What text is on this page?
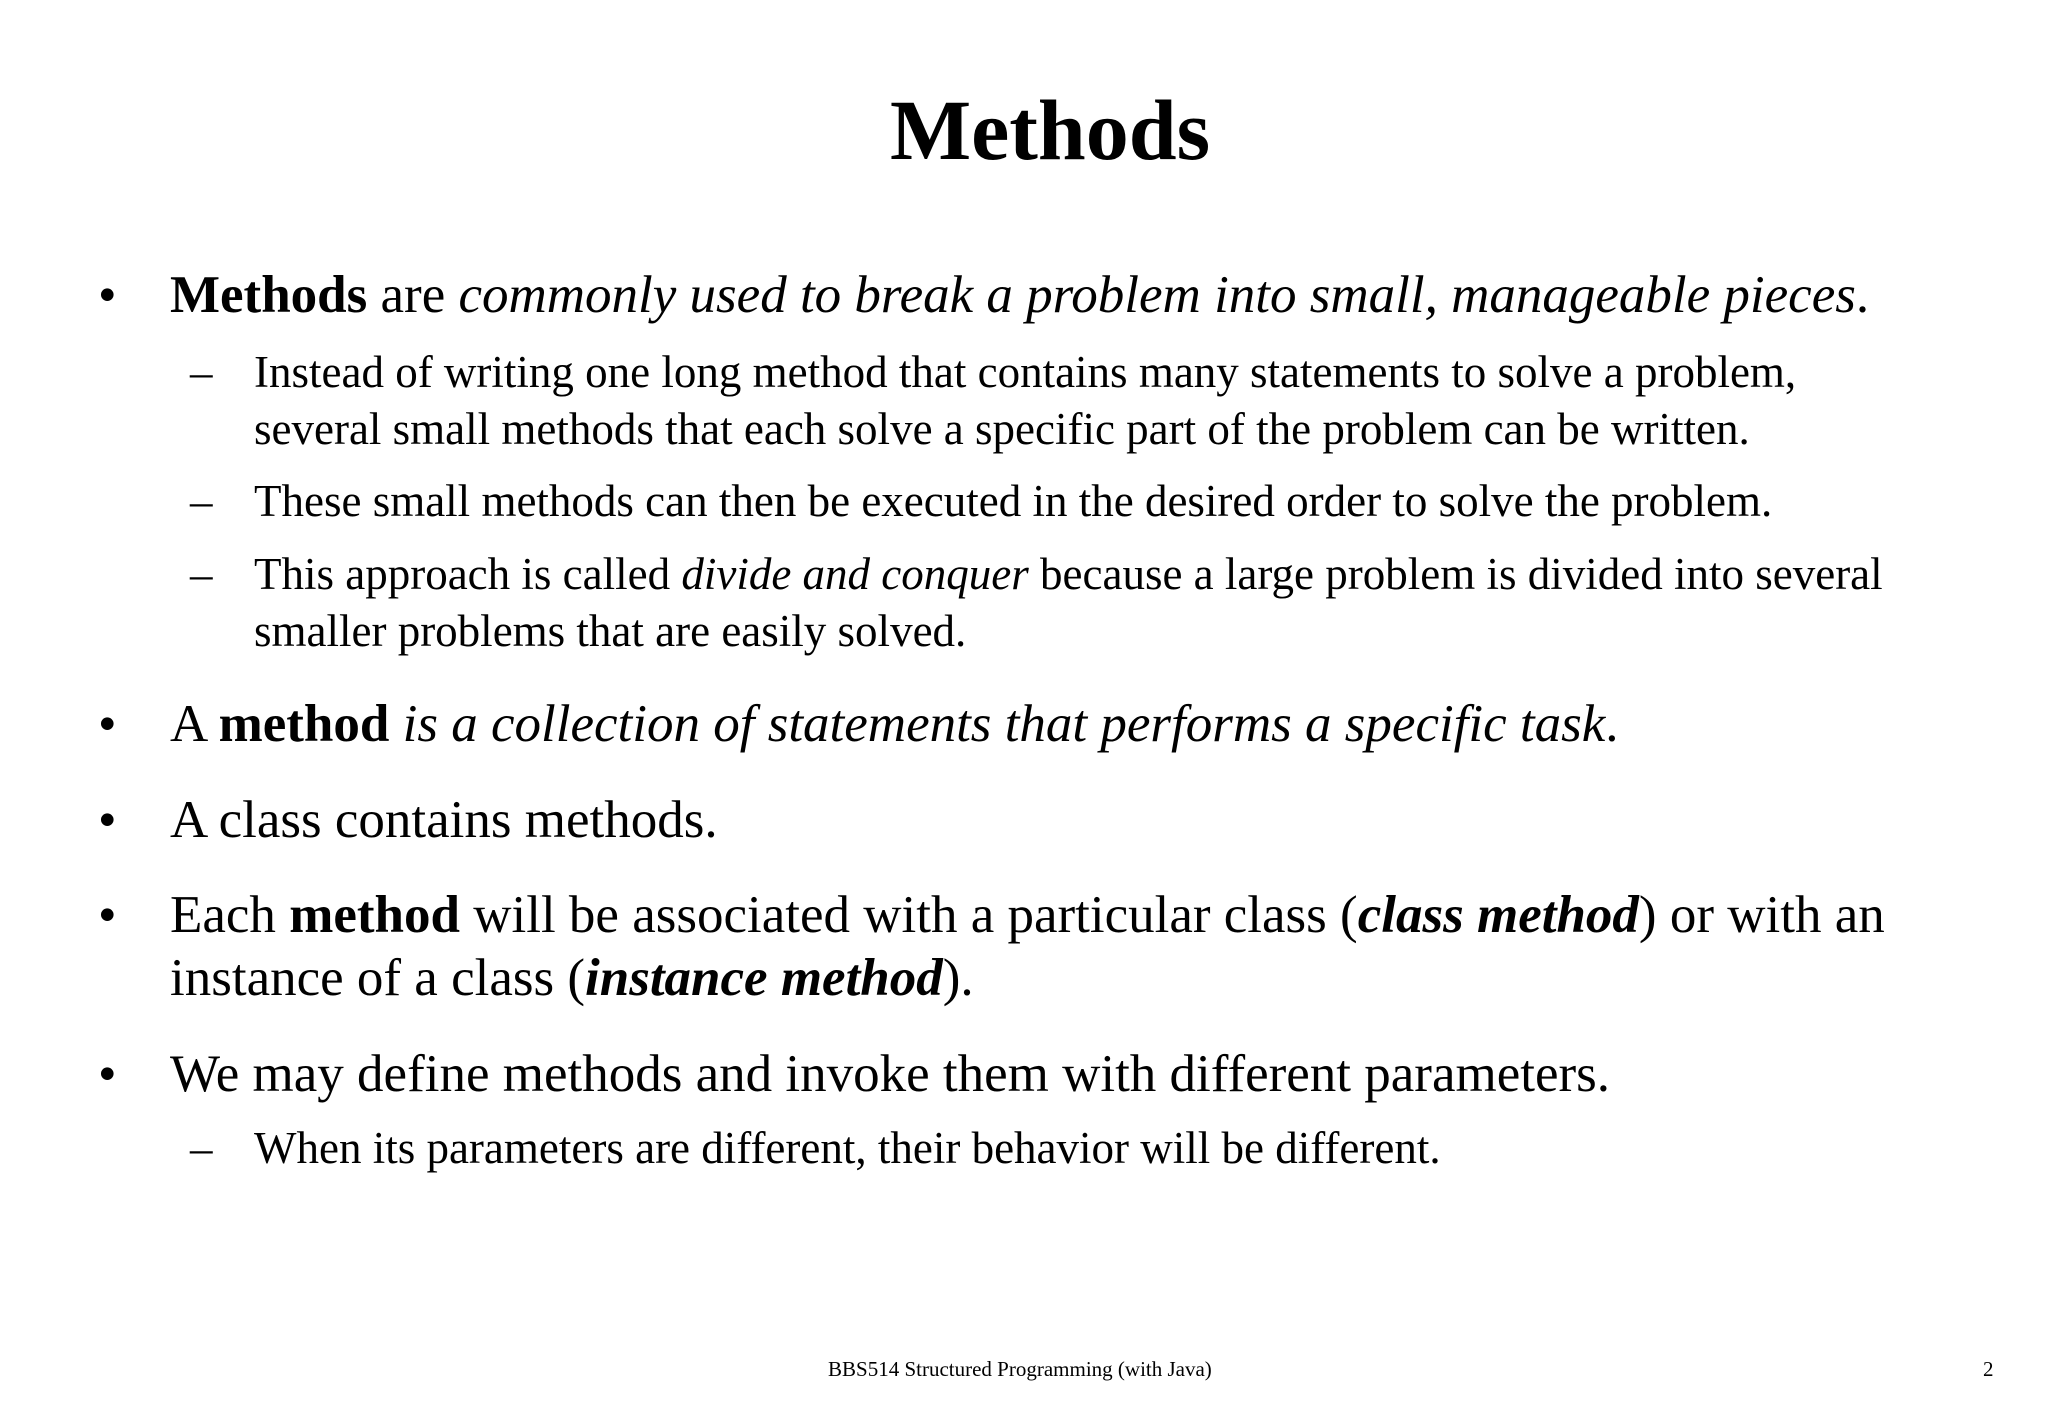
Methods
• Methods are commonly used to break a problem into small, manageable pieces.
– Instead of writing one long method that contains many statements to solve a problem,
several small methods that each solve a specific part of the problem can be written.
– These small methods can then be executed in the desired order to solve the problem.
– This approach is called divide and conquer because a large problem is divided into several
smaller problems that are easily solved.
• A method is a collection of statements that performs a specific task.
• A class contains methods.
• Each method will be associated with a particular class (class method) or with an
instance of a class (instance method).
• We may define methods and invoke them with different parameters.
– When its parameters are different, their behavior will be different.
BBS514 Structured Programming (with Java)	2
